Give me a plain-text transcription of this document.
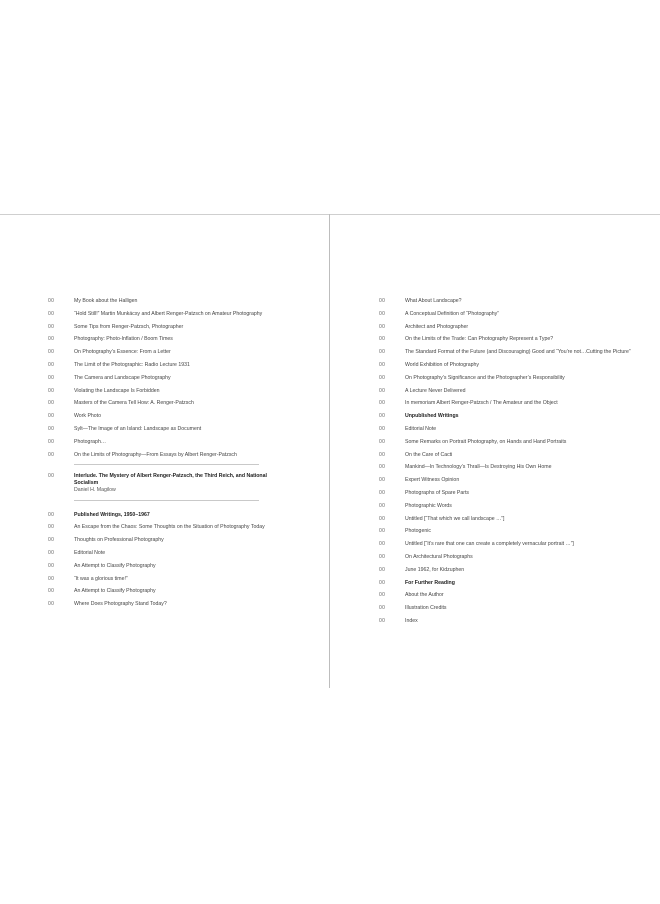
00	My Book about the Halligen
00	“Hold Still!” Martin Munkácsy and Albert Renger-Patzsch on Amateur Photography
00	Some Tips from Renger-Patzsch, Photographer
00	Photography: Photo-Inflation / Boom Times
00	On Photography’s Essence: From a Letter
00	The Limit of the Photographic: Radio Lecture 1931
00	The Camera and Landscape Photography
00	Violating the Landscape Is Forbidden
00	Masters of the Camera Tell How: A. Renger-Patzsch
00	Work Photo
00	Sylt—The Image of an Island: Landscape as Document
00	Photograph…
00	On the Limits of Photography—From Essays by Albert Renger-Patzsch
00	Interlude. The Mystery of Albert Renger-Patzsch, the Third Reich, and National Socialism
Daniel H. Magilow
00	Published Writings, 1950–1967
00	An Escape from the Chaos: Some Thoughts on the Situation of Photography Today
00	Thoughts on Professional Photography
00	Editorial Note
00	An Attempt to Classify Photography
00	“It was a glorious time!”
00	An Attempt to Classify Photography
00	Where Does Photography Stand Today?
00	What About Landscape?
00	A Conceptual Definition of “Photography”
00	Architect and Photographer
00	On the Limits of the Trade: Can Photography Represent a Type?
00	The Standard Format of the Future (and Discouraging) Good and “You’re not…Cutting the Picture”
00	World Exhibition of Photography
00	On Photography’s Significance and the Photographer’s Responsibility
00	A Lecture Never Delivered
00	In memoriam Albert Renger-Patzsch / The Amateur and the Object
00	Unpublished Writings
00	Editorial Note
00	Some Remarks on Portrait Photography, on Hands and Hand Portraits
00	On the Care of Cacti
00	Mankind—In Technology’s Thrall—Is Destroying His Own Home
00	Expert Witness Opinion
00	Photographs of Spare Parts
00	Photographic Words
00	Untitled [“That which we call landscape …”]
00	Photogenic
00	Untitled [“It’s rare that one can create a completely vernacular portrait …”]
00	On Architectural Photographs
00	June 1962, for Kidzuphen
00	For Further Reading
00	About the Author
00	Illustration Credits
00	Index
